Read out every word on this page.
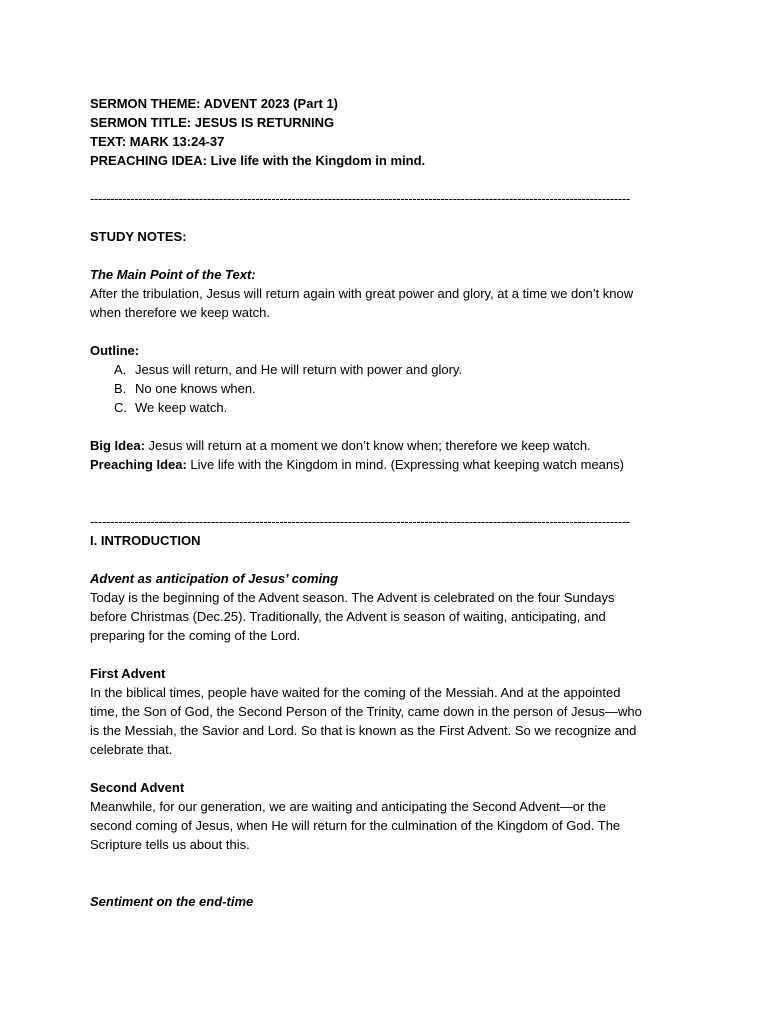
SERMON THEME: ADVENT 2023 (Part 1)
SERMON TITLE: JESUS IS RETURNING
TEXT: MARK 13:24-37
PREACHING IDEA: Live life with the Kingdom in mind.
--------------------------------------------------------------------------------------------------------------------------------------
STUDY NOTES:
The Main Point of the Text:
After the tribulation, Jesus will return again with great power and glory, at a time we don’t know
when therefore we keep watch.
Outline:
A. Jesus will return, and He will return with power and glory.
B. No one knows when.
C. We keep watch.
Big Idea: Jesus will return at a moment we don’t know when; therefore we keep watch.
Preaching Idea: Live life with the Kingdom in mind. (Expressing what keeping watch means)
--------------------------------------------------------------------------------------------------------------------------------------
I. INTRODUCTION
Advent as anticipation of Jesus’ coming
Today is the beginning of the Advent season. The Advent is celebrated on the four Sundays
before Christmas (Dec.25). Traditionally, the Advent is season of waiting, anticipating, and
preparing for the coming of the Lord.
First Advent
In the biblical times, people have waited for the coming of the Messiah. And at the appointed
time, the Son of God, the Second Person of the Trinity, came down in the person of Jesus—who
is the Messiah, the Savior and Lord. So that is known as the First Advent. So we recognize and
celebrate that.
Second Advent
Meanwhile, for our generation, we are waiting and anticipating the Second Advent—or the
second coming of Jesus, when He will return for the culmination of the Kingdom of God. The
Scripture tells us about this.
Sentiment on the end-time
